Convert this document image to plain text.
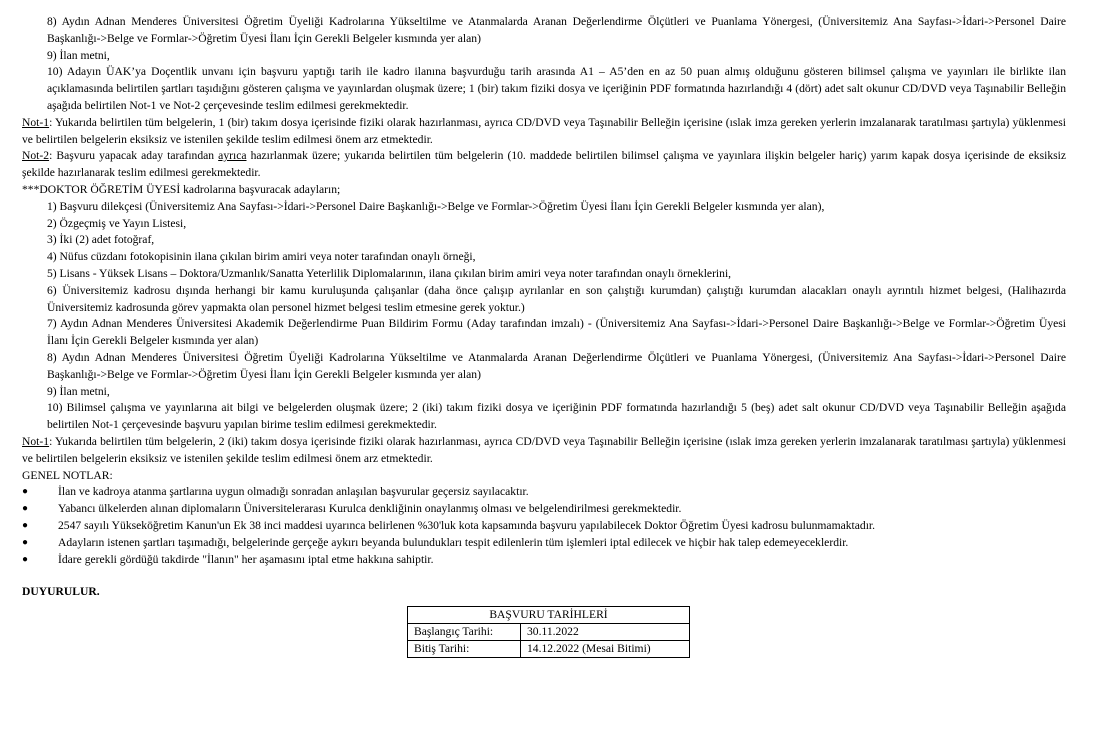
8) Aydın Adnan Menderes Üniversitesi Öğretim Üyeliği Kadrolarına Yükseltilme ve Atanmalarda Aranan Değerlendirme Ölçütleri ve Puanlama Yönergesi, (Üniversitemiz Ana Sayfası->İdari->Personel Daire Başkanlığı->Belge ve Formlar->Öğretim Üyesi İlanı İçin Gerekli Belgeler kısmında yer alan)
9) İlan metni,
10) Adayın ÜAK’ya Doçentlik unvanı için başvuru yaptığı tarih ile kadro ilanına başvurduğu tarih arasında A1 – A5’den en az 50 puan almış olduğunu gösteren bilimsel çalışma ve yayınları ile birlikte ilan açıklamasında belirtilen şartları taşıdığını gösteren çalışma ve yayınlardan oluşmak üzere; 1 (bir) takım fiziki dosya ve içeriğinin PDF formatında hazırlandığı 4 (dört) adet salt okunur CD/DVD veya Taşınabilir Belleğin aşağıda belirtilen Not-1 ve Not-2 çerçevesinde teslim edilmesi gerekmektedir.
Not-1: Yukarıda belirtilen tüm belgelerin, 1 (bir) takım dosya içerisinde fiziki olarak hazırlanması, ayrıca CD/DVD veya Taşınabilir Belleğin içerisine (ıslak imza gereken yerlerin imzalanarak taratılması şartıyla) yüklenmesi ve belirtilen belgelerin eksiksiz ve istenilen şekilde teslim edilmesi önem arz etmektedir.
Not-2: Başvuru yapacak aday tarafından ayrıca hazırlanmak üzere; yukarıda belirtilen tüm belgelerin (10. maddede belirtilen bilimsel çalışma ve yayınlara ilişkin belgeler hariç) yarım kapak dosya içerisinde de eksiksiz şekilde hazırlanarak teslim edilmesi gerekmektedir.
***DOKTOR ÖĞRETİM ÜYESİ kadrolarına başvuracak adayların;
1) Başvuru dilekçesi (Üniversitemiz Ana Sayfası->İdari->Personel Daire Başkanlığı->Belge ve Formlar->Öğretim Üyesi İlanı İçin Gerekli Belgeler kısmında yer alan),
2) Özgeçmiş ve Yayın Listesi,
3) İki (2) adet fotoğraf,
4) Nüfus cüzdanı fotokopisinin ilana çıkılan birim amiri veya noter tarafından onaylı örneği,
5) Lisans - Yüksek Lisans – Doktora/Uzmanlık/Sanatta Yeterlilik Diplomalarının, ilana çıkılan birim amiri veya noter tarafından onaylı örneklerini,
6) Üniversitemiz kadrosu dışında herhangi bir kamu kuruluşunda çalışanlar (daha önce çalışıp ayrılanlar en son çalıştığı kurumdan) çalıştığı kurumdan alacakları onaylı ayrıntılı hizmet belgesi, (Halihazırda Üniversitemiz kadrosunda görev yapmakta olan personel hizmet belgesi teslim etmesine gerek yoktur.)
7) Aydın Adnan Menderes Üniversitesi Akademik Değerlendirme Puan Bildirim Formu (Aday tarafından imzalı) - (Üniversitemiz Ana Sayfası->İdari->Personel Daire Başkanlığı->Belge ve Formlar->Öğretim Üyesi İlanı İçin Gerekli Belgeler kısmında yer alan)
8) Aydın Adnan Menderes Üniversitesi Öğretim Üyeliği Kadrolarına Yükseltilme ve Atanmalarda Aranan Değerlendirme Ölçütleri ve Puanlama Yönergesi, (Üniversitemiz Ana Sayfası->İdari->Personel Daire Başkanlığı->Belge ve Formlar->Öğretim Üyesi İlanı İçin Gerekli Belgeler kısmında yer alan)
9) İlan metni,
10) Bilimsel çalışma ve yayınlarına ait bilgi ve belgelerden oluşmak üzere; 2 (iki) takım fiziki dosya ve içeriğinin PDF formatında hazırlandığı 5 (beş) adet salt okunur CD/DVD veya Taşınabilir Belleğin aşağıda belirtilen Not-1 çerçevesinde başvuru yapılan birime teslim edilmesi gerekmektedir.
Not-1: Yukarıda belirtilen tüm belgelerin, 2 (iki) takım dosya içerisinde fiziki olarak hazırlanması, ayrıca CD/DVD veya Taşınabilir Belleğin içerisine (ıslak imza gereken yerlerin imzalanarak taratılması şartıyla) yüklenmesi ve belirtilen belgelerin eksiksiz ve istenilen şekilde teslim edilmesi önem arz etmektedir.
GENEL NOTLAR:
●	İlan ve kadroya atanma şartlarına uygun olmadığı sonradan anlaşılan başvurular geçersiz sayılacaktır.
●	Yabancı ülkelerden alınan diplomaların Üniversitelerarası Kurulca denkliğinin onaylanmış olması ve belgelendirilmesi gerekmektedir.
●	2547 sayılı Yükseköğretim Kanun'un Ek 38 inci maddesi uyarınca belirlenen %30'luk kota kapsamında başvuru yapılabilecek Doktor Öğretim Üyesi kadrosu bulunmamaktadır.
●	Adayların istenen şartları taşımadığı, belgelerinde gerçeğe aykırı beyanda bulundukları tespit edilenlerin tüm işlemleri iptal edilecek ve hiçbir hak talep edemeyeceklerdir.
●	İdare gerekli gördüğü takdirde "İlanın" her aşamasını iptal etme hakkına sahiptir.
DUYURULUR.
BAŞVURU TARİHLERİ	
Başlangıç Tarihi:	30.11.2022
Bitiş Tarihi:	14.12.2022 (Mesai Bitimi)
